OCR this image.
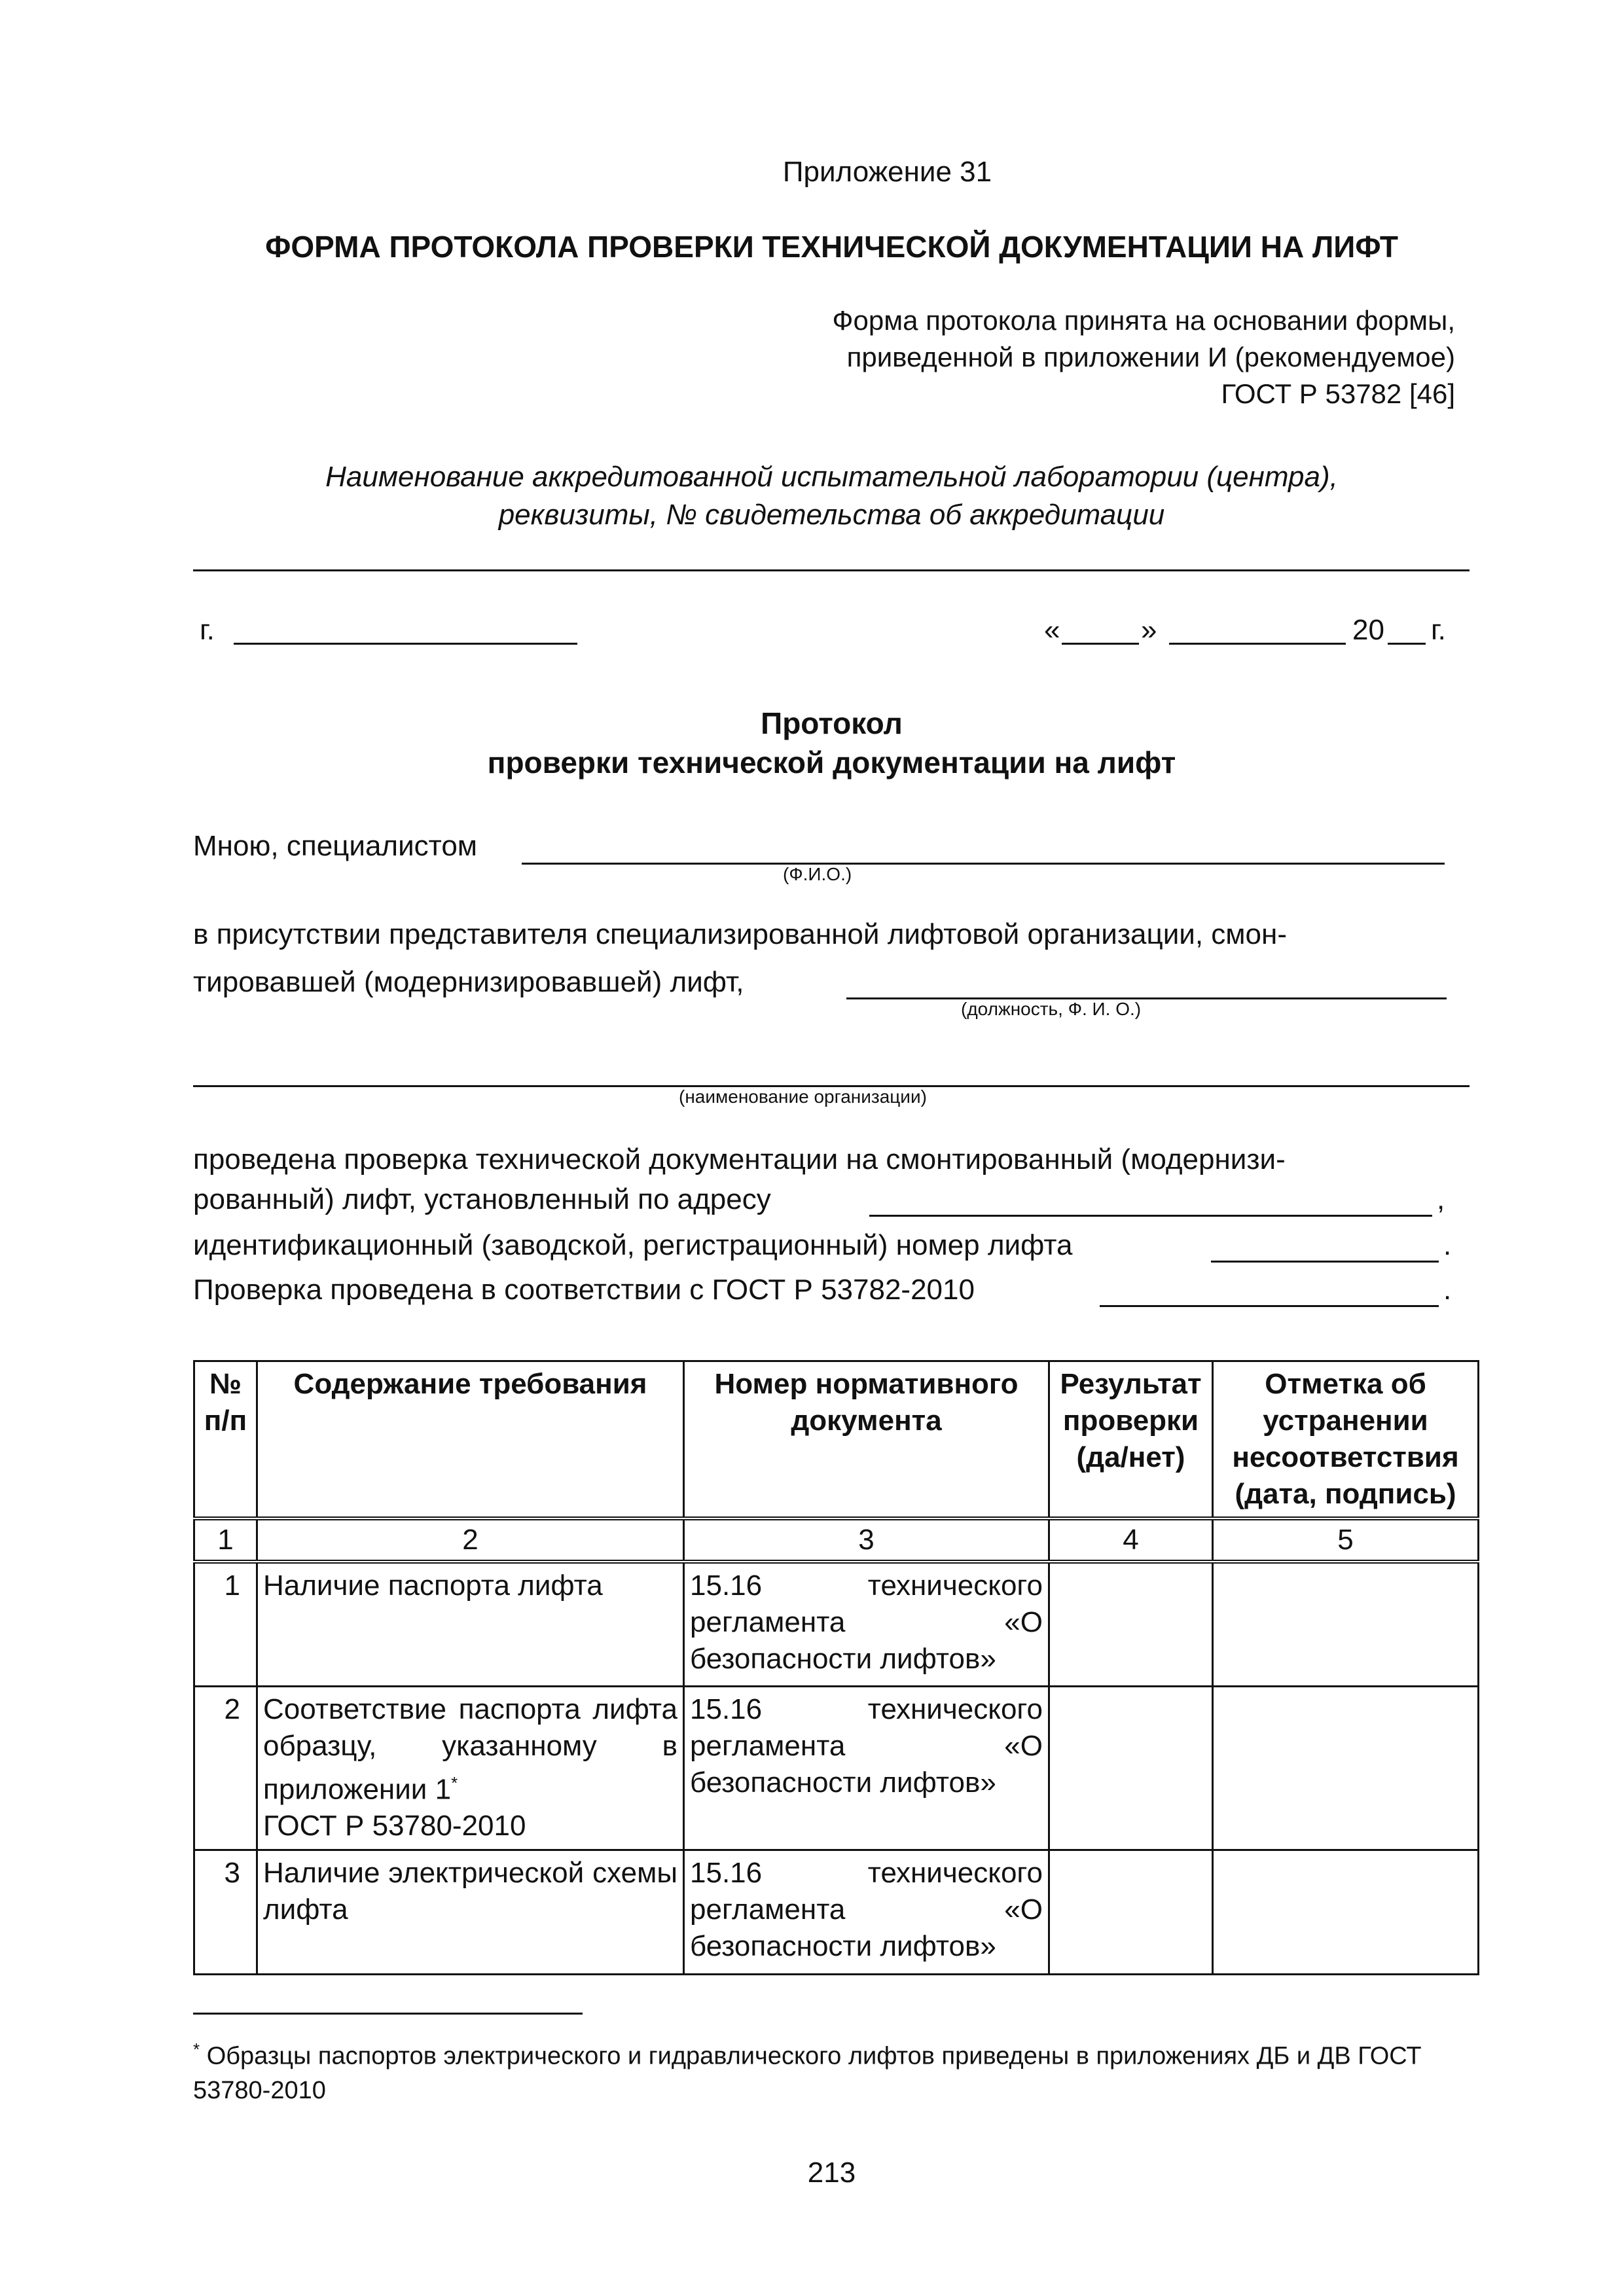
Приложение 31
ФОРМА ПРОТОКОЛА ПРОВЕРКИ ТЕХНИЧЕСКОЙ ДОКУМЕНТАЦИИ НА ЛИФТ
Форма протокола принята на основании формы,
приведенной в приложении И (рекомендуемое)
ГОСТ Р 53782 [46]
Наименование аккредитованной испытательной лаборатории (центра),
реквизиты, № свидетельства об аккредитации
г.	«	»	20 г.
Протокол
проверки технической документации на лифт
Мною, специалистом
(Ф.И.О.)
в присутствии представителя специализированной лифтовой организации, смон-
тировавшей (модернизировавшей) лифт,
(должность, Ф. И. О.)
(наименование организации)
проведена проверка технической документации на смонтированный (модернизи-
рованный) лифт, установленный по адресу	,
идентификационный (заводской, регистрационный) номер лифта	.
Проверка проведена в соответствии с ГОСТ Р 53782-2010	.
№ п/п	Содержание требования	Номер нормативного документа	Результат проверки (да/нет)	Отметка об устранении несоответствия (дата, подпись)
1	2	3	4	5
1	Наличие паспорта лифта	15.16 технического регламента «О безопасности лифтов»		
2	Соответствие паспорта лифта образцу, указанному в приложении 1*
ГОСТ Р 53780-2010	15.16 технического регламента «О безопасности лифтов»		
3	Наличие электрической схемы лифта	15.16 технического регламента «О безопасности лифтов»		
* Образцы паспортов электрического и гидравлического лифтов приведены в приложениях ДБ и ДВ ГОСТ 53780-2010
213
